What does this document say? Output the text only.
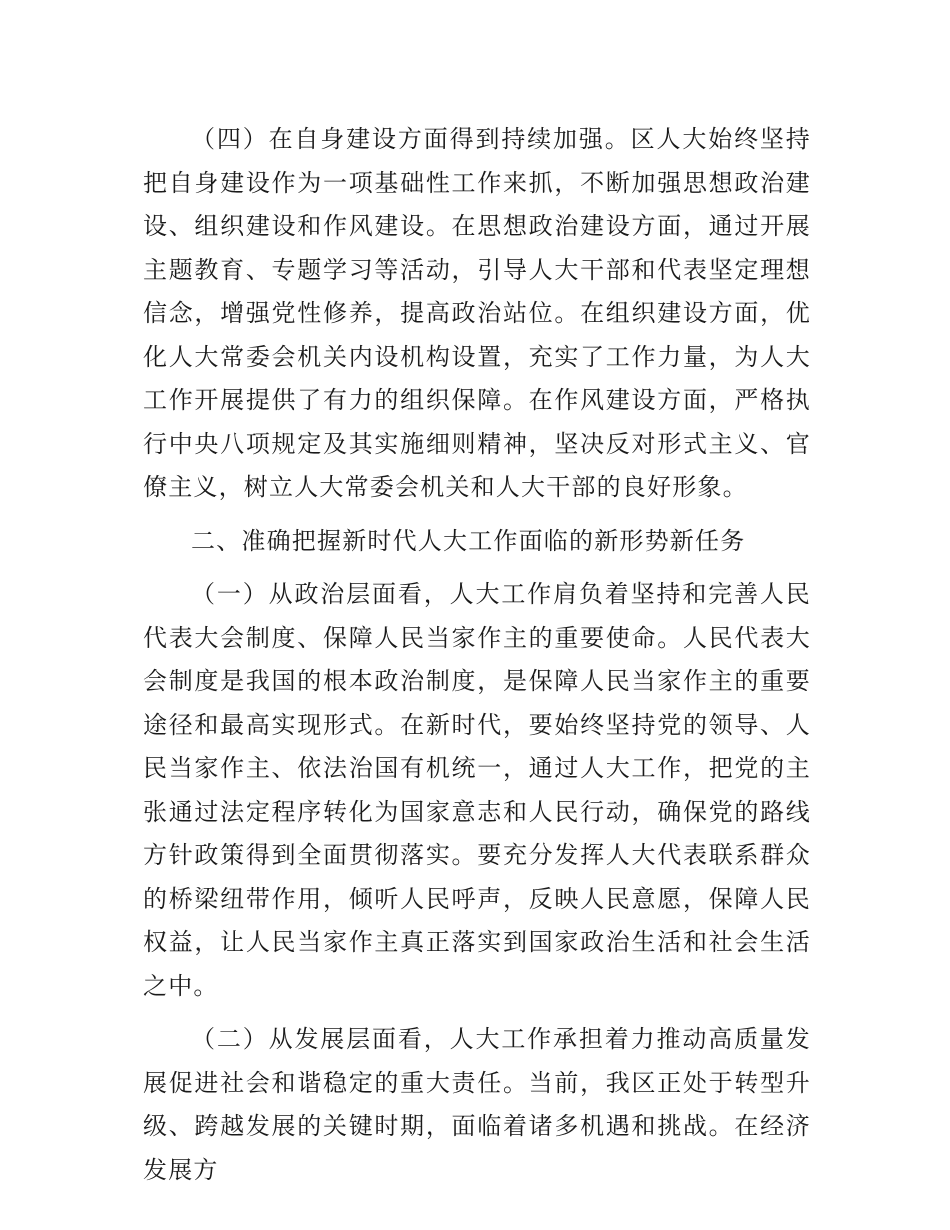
（四）在自身建设方面得到持续加强。区人大始终坚持把自身建设作为一项基础性工作来抓，不断加强思想政治建设、组织建设和作风建设。在思想政治建设方面，通过开展主题教育、专题学习等活动，引导人大干部和代表坚定理想信念，增强党性修养，提高政治站位。在组织建设方面，优化人大常委会机关内设机构设置，充实了工作力量，为人大工作开展提供了有力的组织保障。在作风建设方面，严格执行中央八项规定及其实施细则精神，坚决反对形式主义、官僚主义，树立人大常委会机关和人大干部的良好形象。

二、准确把握新时代人大工作面临的新形势新任务

（一）从政治层面看，人大工作肩负着坚持和完善人民代表大会制度、保障人民当家作主的重要使命。人民代表大会制度是我国的根本政治制度，是保障人民当家作主的重要途径和最高实现形式。在新时代，要始终坚持党的领导、人民当家作主、依法治国有机统一，通过人大工作，把党的主张通过法定程序转化为国家意志和人民行动，确保党的路线方针政策得到全面贯彻落实。要充分发挥人大代表联系群众的桥梁纽带作用，倾听人民呼声，反映人民意愿，保障人民权益，让人民当家作主真正落实到国家政治生活和社会生活之中。

（二）从发展层面看，人大工作承担着力推动高质量发展促进社会和谐稳定的重大责任。当前，我区正处于转型升级、跨越发展的关键时期，面临着诸多机遇和挑战。在经济发展方
